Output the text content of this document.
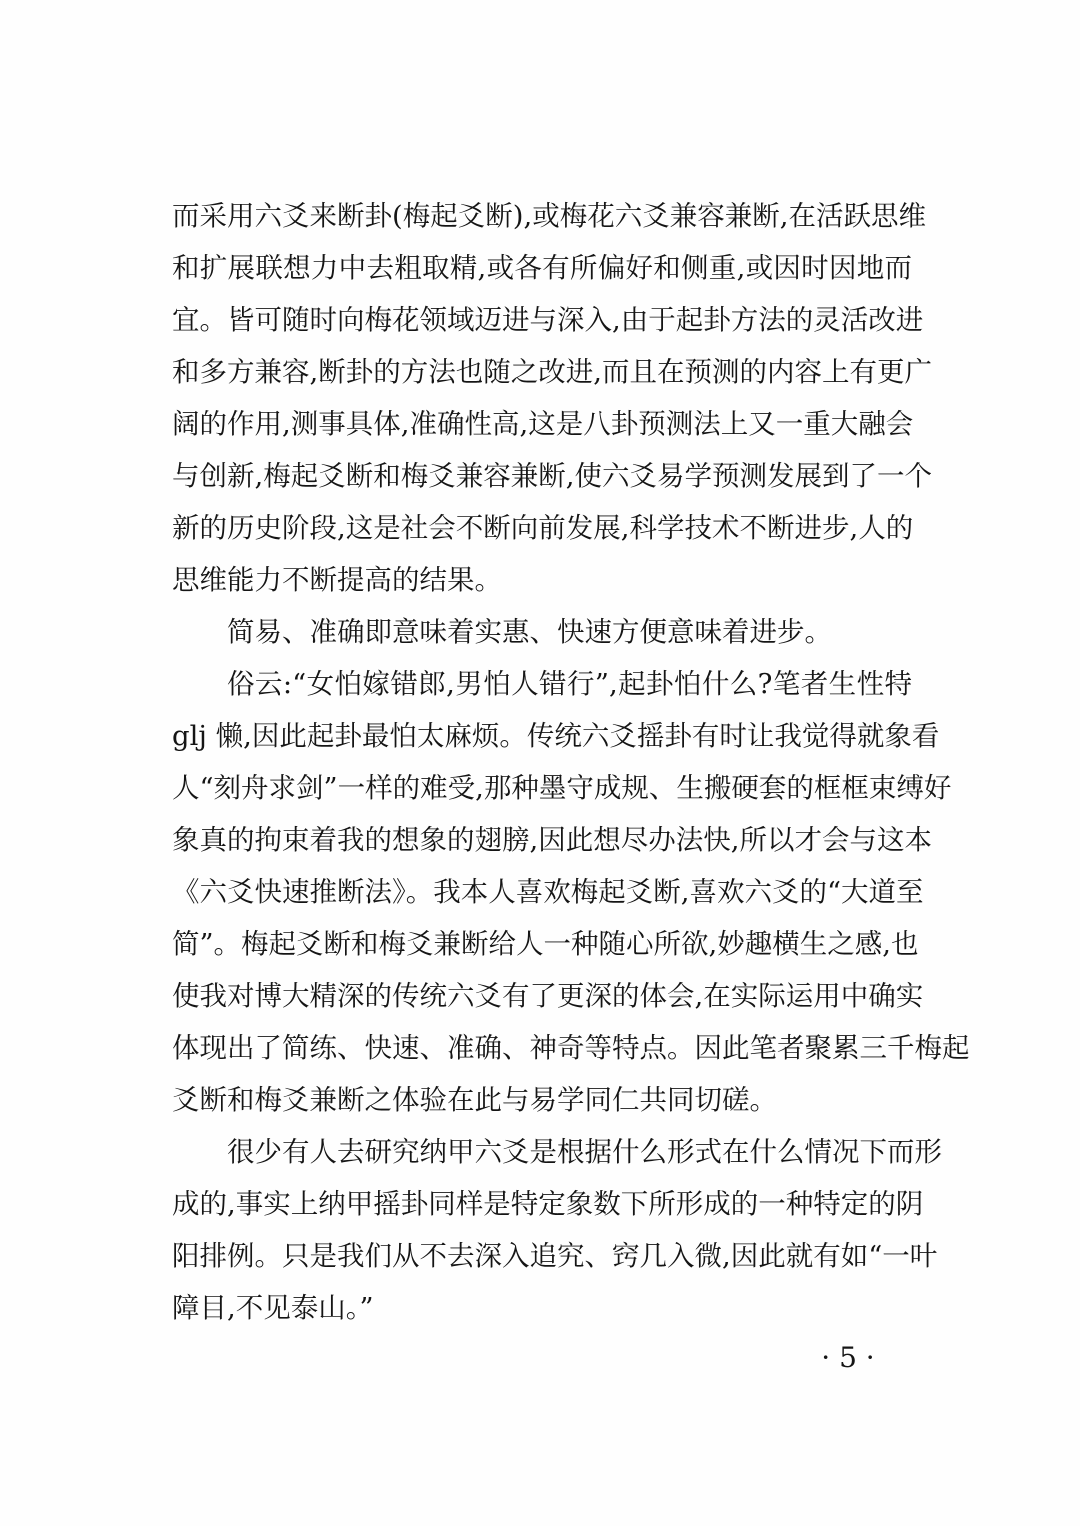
而采用六爻来断卦(梅起爻断),或梅花六爻兼容兼断,在活跃思维
和扩展联想力中去粗取精,或各有所偏好和侧重,或因时因地而
宜。皆可随时向梅花领域迈进与深入,由于起卦方法的灵活改进
和多方兼容,断卦的方法也随之改进,而且在预测的内容上有更广
阔的作用,测事具体,准确性高,这是八卦预测法上又一重大融会
与创新,梅起爻断和梅爻兼容兼断,使六爻易学预测发展到了一个
新的历史阶段,这是社会不断向前发展,科学技术不断进步,人的
思维能力不断提高的结果。
简易、准确即意味着实惠、快速方便意味着进步。
俗云:“女怕嫁错郎,男怕人错行”,起卦怕什么?笔者生性特
glj 懒,因此起卦最怕太麻烦。传统六爻摇卦有时让我觉得就象看
人“刻舟求剑”一样的难受,那种墨守成规、生搬硬套的框框束缚好
象真的拘束着我的想象的翅膀,因此想尽办法快,所以才会与这本
《六爻快速推断法》。我本人喜欢梅起爻断,喜欢六爻的“大道至
简”。梅起爻断和梅爻兼断给人一种随心所欲,妙趣横生之感,也
使我对博大精深的传统六爻有了更深的体会,在实际运用中确实
体现出了简练、快速、准确、神奇等特点。因此笔者聚累三千梅起
爻断和梅爻兼断之体验在此与易学同仁共同切磋。
很少有人去研究纳甲六爻是根据什么形式在什么情况下而形
成的,事实上纳甲摇卦同样是特定象数下所形成的一种特定的阴
阳排例。只是我们从不去深入追究、窍几入微,因此就有如“一叶
障目,不见泰山。”
· 5 ·
